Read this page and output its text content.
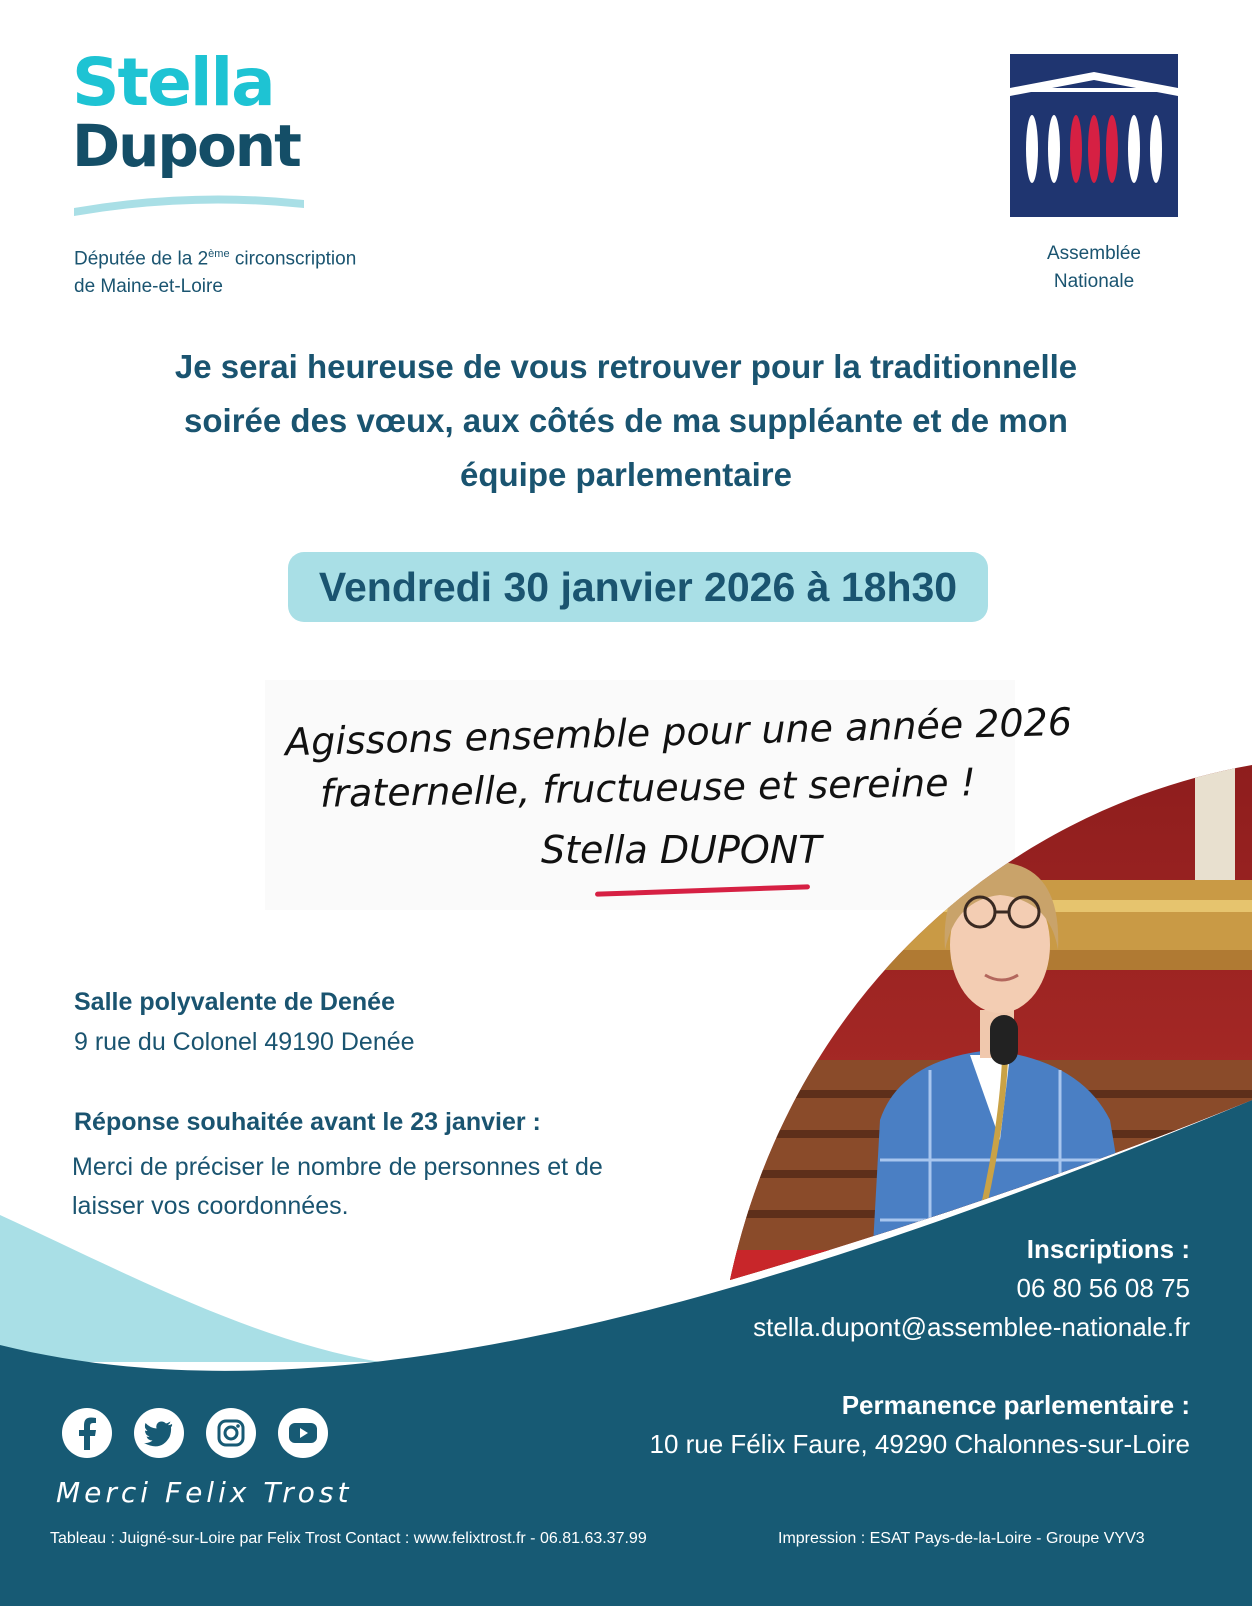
Stella
Dupont
Députée de la 2ème circonscription
de Maine-et-Loire
Assemblée
Nationale
Je serai heureuse de vous retrouver pour la traditionnelle
soirée des vœux, aux côtés de ma suppléante et de mon
équipe parlementaire
Vendredi 30 janvier 2026 à 18h30
Agissons ensemble pour une année 2026
fraternelle, fructueuse et sereine !
Stella DUPONT
Salle polyvalente de Denée
9 rue du Colonel 49190 Denée
Réponse souhaitée avant le 23 janvier :
Merci de préciser le nombre de personnes et de
laisser vos coordonnées.
Inscriptions :
06 80 56 08 75
stella.dupont@assemblee-nationale.fr
Permanence parlementaire :
10 rue Félix Faure, 49290 Chalonnes-sur-Loire
Merci Felix Trost
Tableau : Juigné-sur-Loire par Felix Trost Contact : www.felixtrost.fr - 06.81.63.37.99	Impression : ESAT Pays-de-la-Loire - Groupe VYV3
